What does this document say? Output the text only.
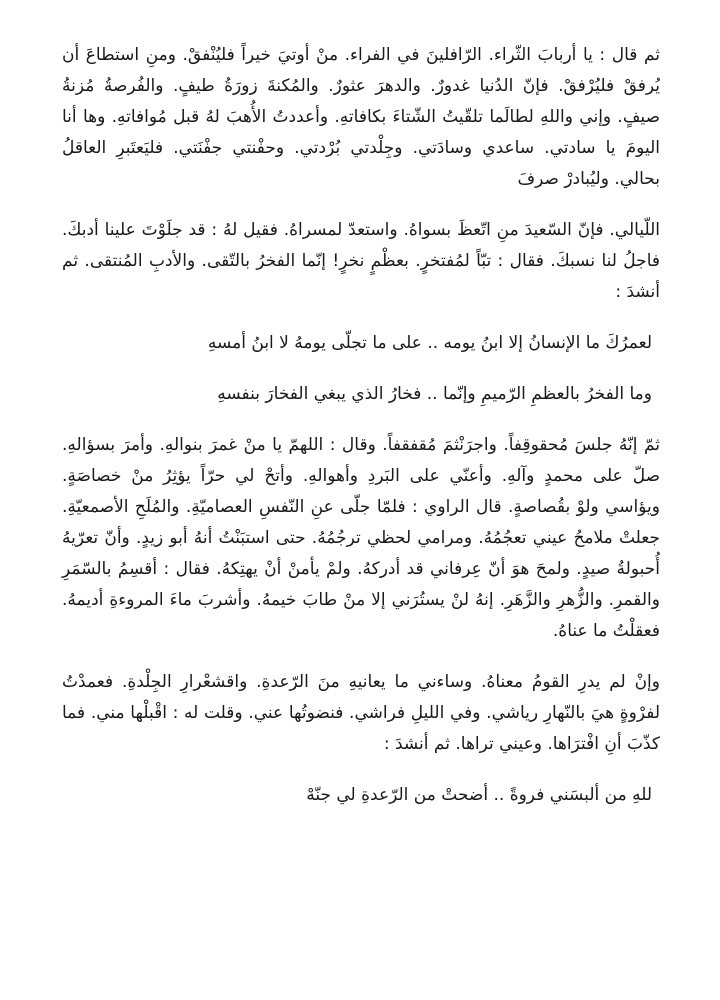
ثم قال : يا أربابَ الثّراء. الرّافلينَ في الفراء. منْ أوتيَ خيراً فليُنْفقْ. ومنِ استطاعَ أن يُرفقْ فليُرْفقْ. فإنّ الدُنيا غدورٌ. والدهرَ عثورٌ. والمُكنةَ زورَةُ طيفٍ. والفُرصةُ مُزنةُ صيفٍ. وإني واللهِ لطالَما تلقّيتُ الشّتاءَ بكافاتهِ. وأعددتُ الأُهبَ لهُ قبل مُوافاتهِ. وها أنا اليومَ يا سادتي. ساعدي وسادَتي. وجِلْدتي بُرْدتي. وحفْنتي جفْنَتي. فليَعتَبرِ العاقلُ بحالي. وليُبادرْ صرفَ

اللّيالي. فإنّ السّعيدَ منِ اتّعظَ بسواهُ. واستعدّ لمسراهُ. فقيل لهُ : قد جلَوْتَ علينا أدبكَ. فاجلُ لنا نسبكَ. فقال : تبّاً لمُفتخرٍ. بعظْمٍ نخرٍ! إنّما الفخرُ بالتّقى. والأدبِ المُنتقى. ثم أنشدَ :

لعمرُكَ ما الإنسانُ إلا ابنُ يومه .. على ما تجلّى يومهُ لا ابنُ أمسهِ

وما الفخرُ بالعظمِ الرّميمِ وإنّما .. فخارُ الذي يبغي الفخارَ بنفسهِ

ثمّ إنّهُ جلسَ مُحقوقِفاً. واجرَنْثمَ مُقفقفاً. وقال : اللهمّ يا منْ غمرَ بنوالهِ. وأمرَ بسؤالهِ. صلّ على محمدٍ وآلهِ. وأعنّي على البَردِ وأهوالهِ. وأتحْ لي حرّاً يؤثِرُ منْ خصاصَةٍ. ويؤاسي ولوْ بقُصاصةٍ. قال الراوي : فلمّا جلّى عنِ النّفسِ العصاميّةِ. والمُلَحِ الأصمعيّةِ. جعلتْ ملامحُ عيني تعجُمُهُ. ومرامي لحظي ترجُمُهُ. حتى استبَنْتُ أنهُ أبو زيدٍ. وأنّ تعرّيهُ أُحبولةُ صيدٍ. ولمحَ هوَ أنّ عِرفاني قد أدركهُ. ولمْ يأمنْ أنْ يهتِكهُ. فقال : أقسِمُ بالسّمَرِ والقمرِ. والزُّهرِ والزَّهَرِ. إنهُ لنْ يستُرَني إلا منْ طابَ خيمهُ. وأشربَ ماءَ المروءةِ أديمهُ. فعقلْتُ ما عناهُ.

وإنْ لم يدرِ القومُ معناهُ. وساءني ما يعانيهِ منَ الرّعدةِ. واقشعْرارِ الجِلْدةِ. فعمدْتُ لفرْوةٍ هيَ بالنّهارِ رياشي. وفي الليلِ فراشي. فنضوتُها عني. وقلت له : اقْبلْها مني. فما كذّبَ أنِ افْترَاها. وعيني تراها. ثم أنشدَ :

للهِ من ألبسَني فروةً .. أضحتْ من الرّعدةِ لي جنّهْ
